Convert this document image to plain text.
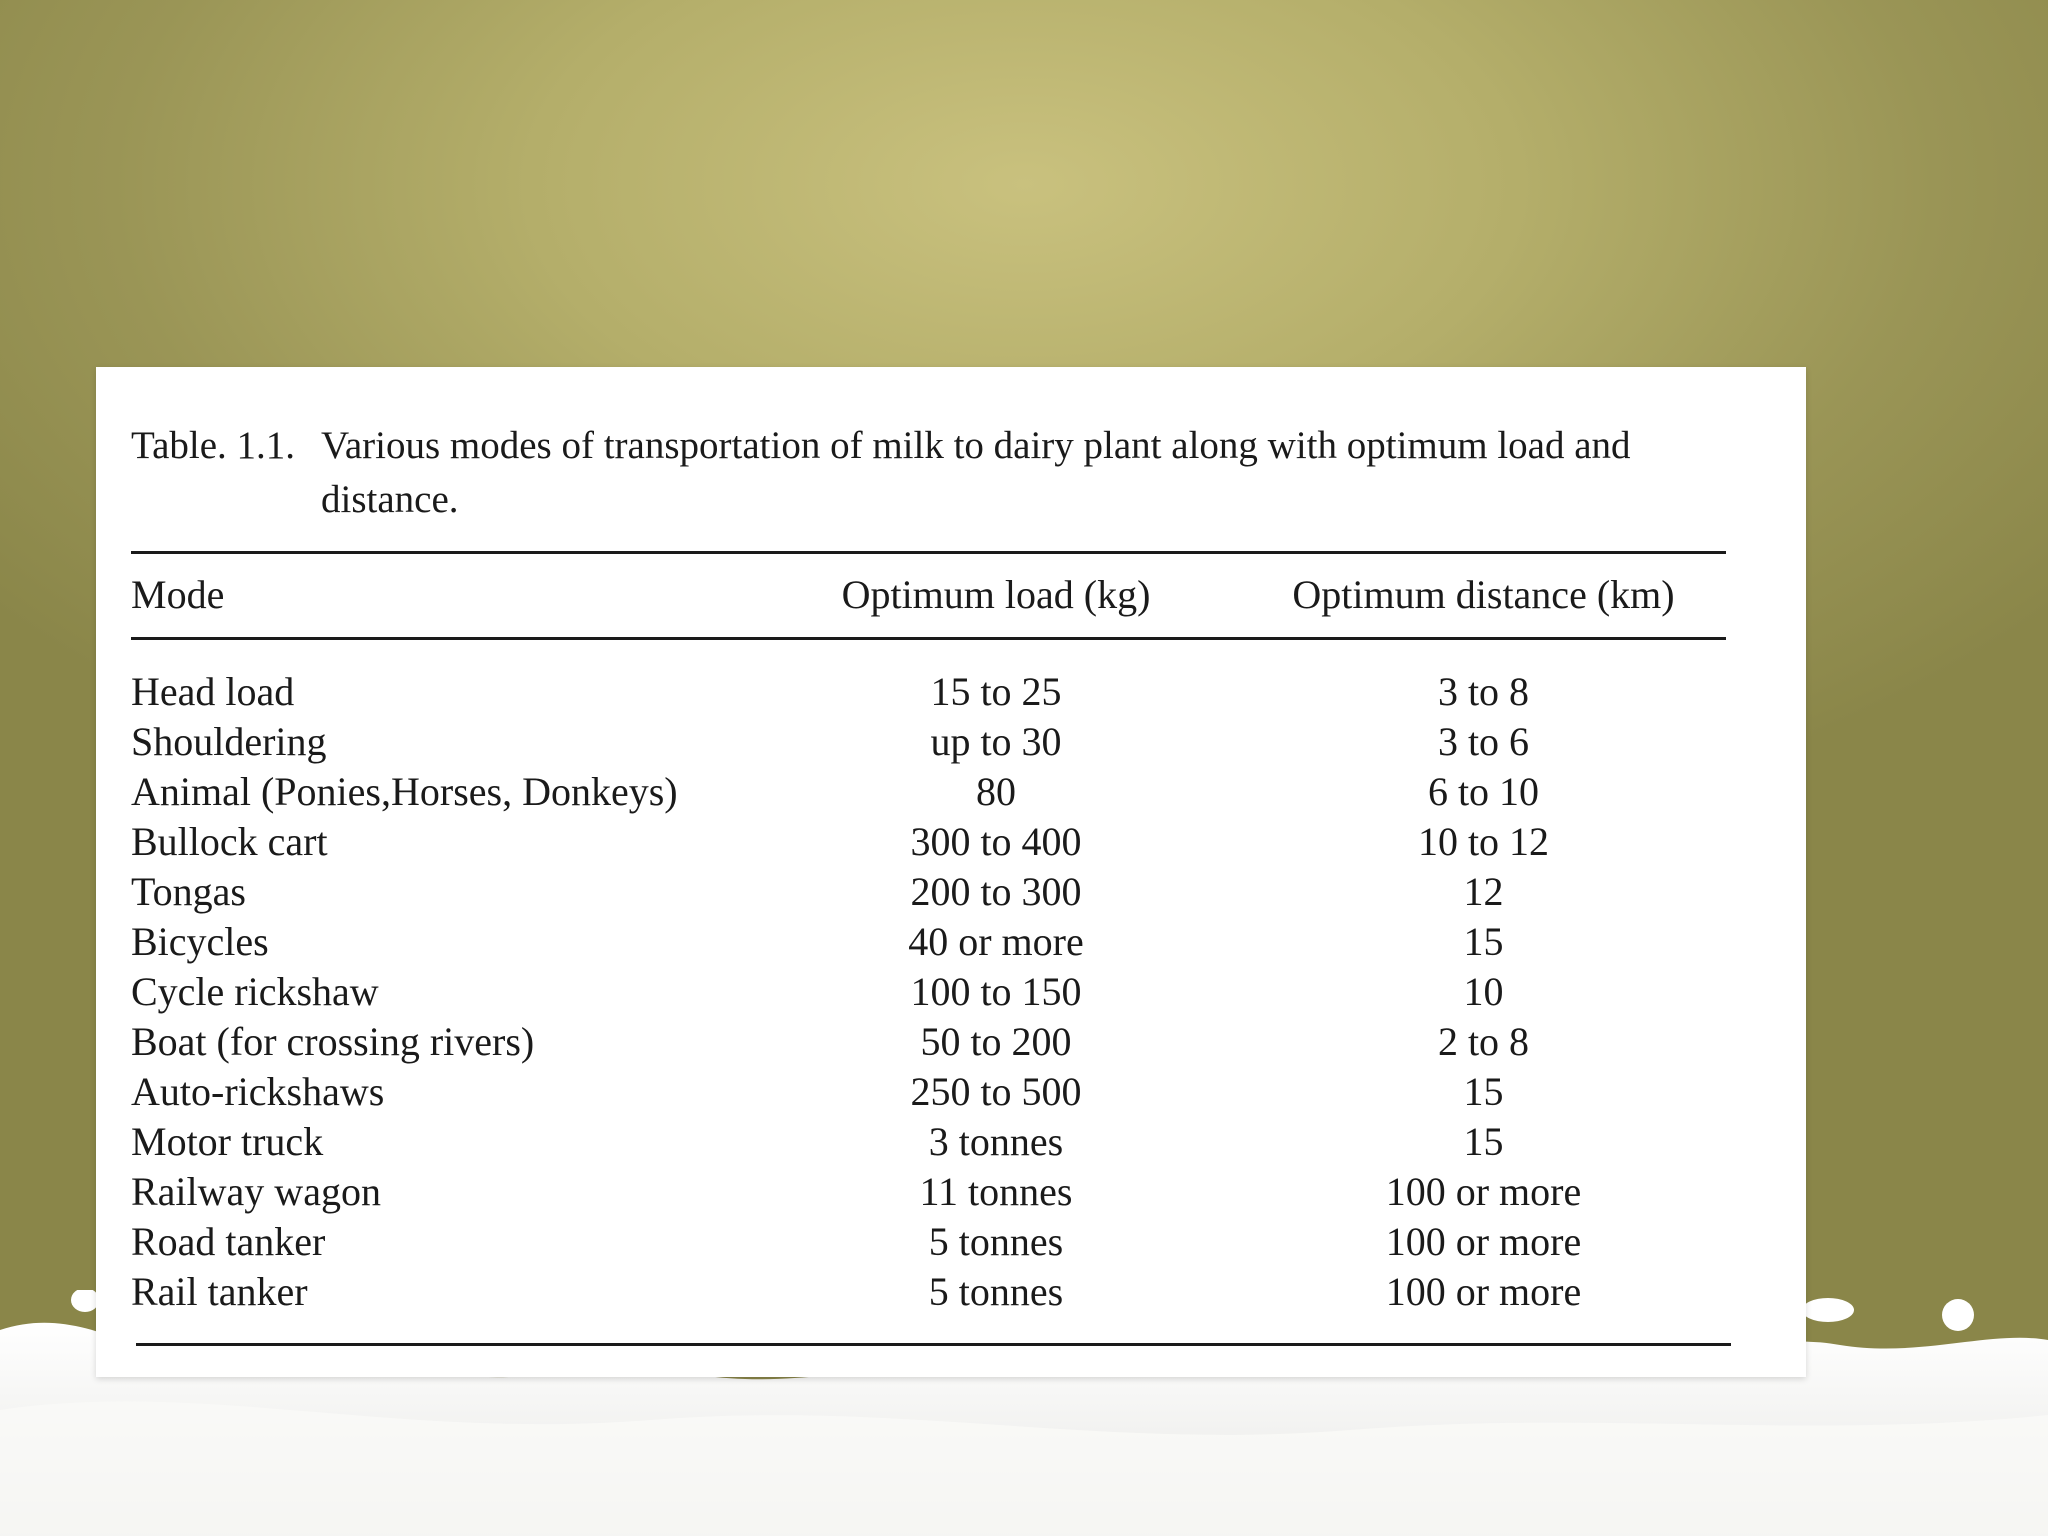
Table. 1.1. Various modes of transportation of milk to dairy plant along with optimum load and distance.
Mode	Optimum load (kg)	Optimum distance (km)
Head load	15 to 25	3 to 8
Shouldering	up to 30	3 to 6
Animal (Ponies,Horses, Donkeys)	80	6 to 10
Bullock cart	300 to 400	10 to 12
Tongas	200 to 300	12
Bicycles	40 or more	15
Cycle rickshaw	100 to 150	10
Boat (for crossing rivers)	50 to 200	2 to 8
Auto-rickshaws	250 to 500	15
Motor truck	3 tonnes	15
Railway wagon	11 tonnes	100 or more
Road tanker	5 tonnes	100 or more
Rail tanker	5 tonnes	100 or more
